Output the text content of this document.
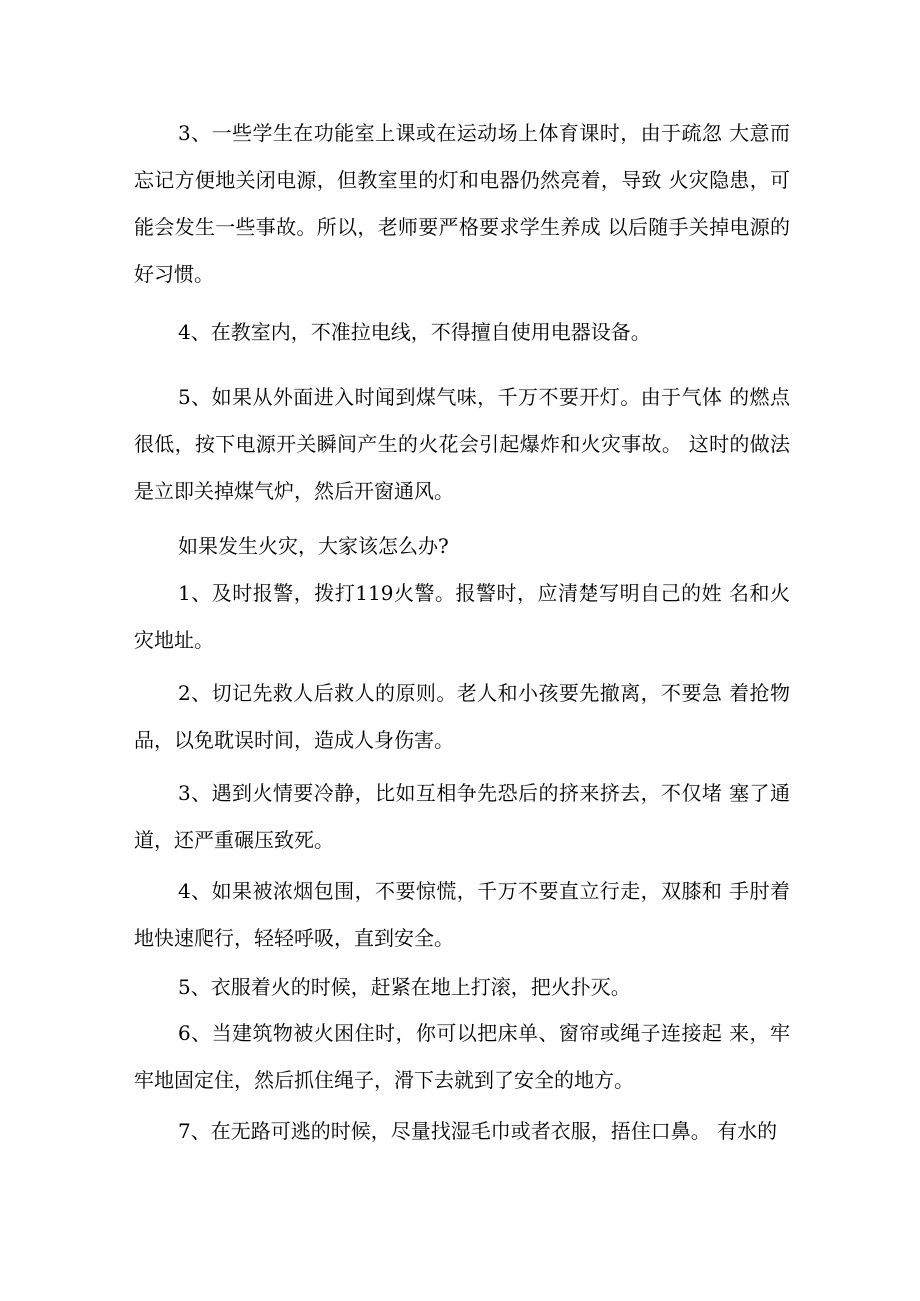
3、一些学生在功能室上课或在运动场上体育课时，由于疏忽 大意而忘记方便地关闭电源，但教室里的灯和电器仍然亮着，导致 火灾隐患，可能会发生一些事故。所以，老师要严格要求学生养成 以后随手关掉电源的好习惯。

4、在教室内，不准拉电线，不得擅自使用电器设备。

5、如果从外面进入时闻到煤气味，千万不要开灯。由于气体 的燃点很低，按下电源开关瞬间产生的火花会引起爆炸和火灾事故。 这时的做法是立即关掉煤气炉，然后开窗通风。

如果发生火灾，大家该怎么办?

1、及时报警，拨打119火警。报警时，应清楚写明自己的姓 名和火灾地址。

2、切记先救人后救人的原则。老人和小孩要先撤离，不要急 着抢物品，以免耽误时间，造成人身伤害。

3、遇到火情要冷静，比如互相争先恐后的挤来挤去，不仅堵 塞了通道，还严重碾压致死。

4、如果被浓烟包围，不要惊慌，千万不要直立行走，双膝和 手肘着地快速爬行，轻轻呼吸，直到安全。

5、衣服着火的时候，赶紧在地上打滚，把火扑灭。

6、当建筑物被火困住时，你可以把床单、窗帘或绳子连接起 来，牢牢地固定住，然后抓住绳子，滑下去就到了安全的地方。

7、在无路可逃的时候，尽量找湿毛巾或者衣服，捂住口鼻。 有水的
